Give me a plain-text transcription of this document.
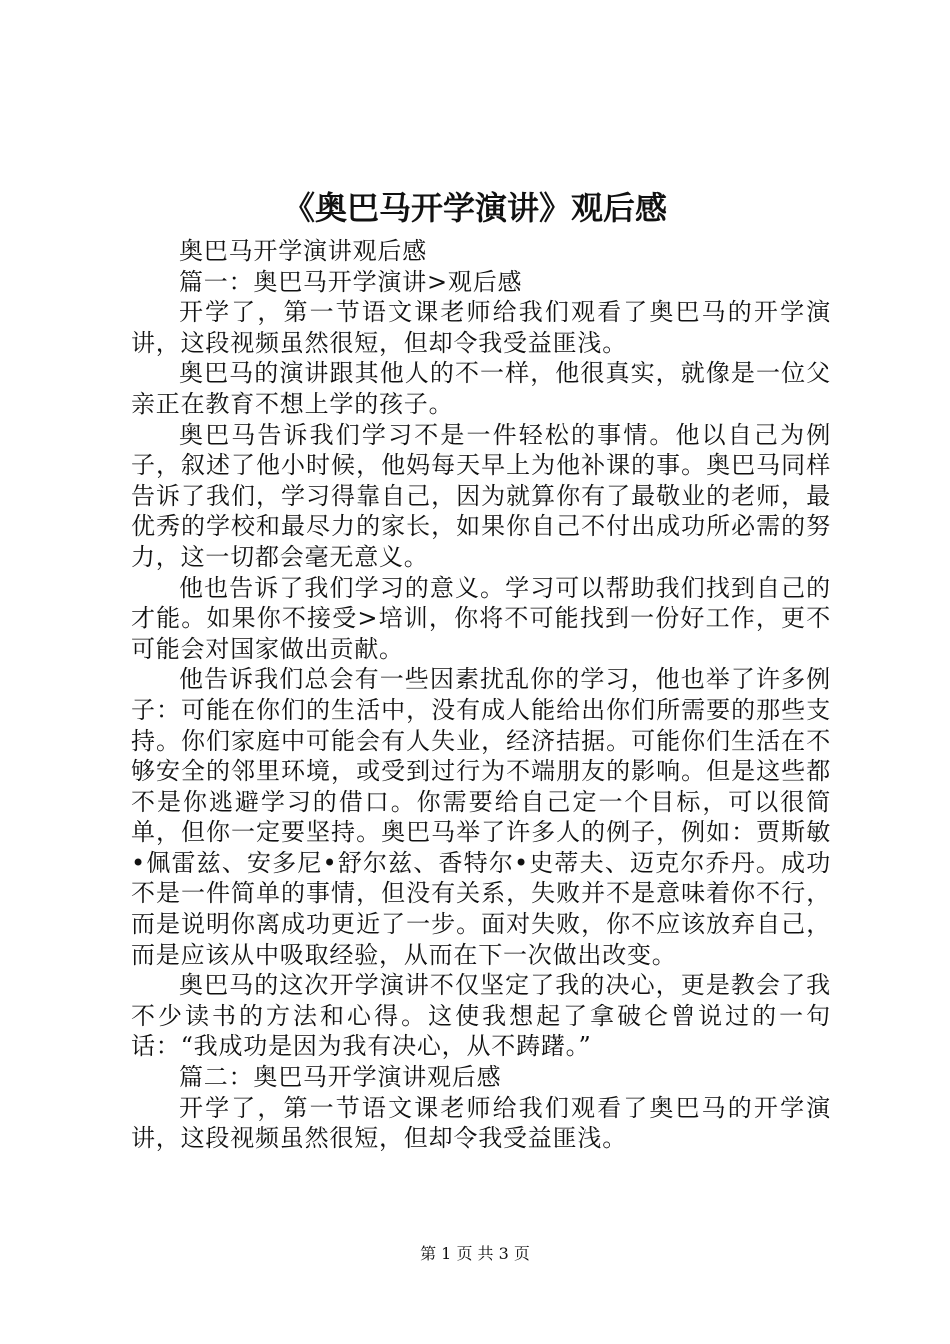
《奥巴马开学演讲》观后感

奥巴马开学演讲观后感

篇一：奥巴马开学演讲>观后感

开学了，第一节语文课老师给我们观看了奥巴马的开学演讲，这段视频虽然很短，但却令我受益匪浅。

奥巴马的演讲跟其他人的不一样，他很真实，就像是一位父亲正在教育不想上学的孩子。

奥巴马告诉我们学习不是一件轻松的事情。他以自己为例子，叙述了他小时候，他妈每天早上为他补课的事。奥巴马同样告诉了我们，学习得靠自己，因为就算你有了最敬业的老师，最优秀的学校和最尽力的家长，如果你自己不付出成功所必需的努力，这一切都会毫无意义。

他也告诉了我们学习的意义。学习可以帮助我们找到自己的才能。如果你不接受>培训，你将不可能找到一份好工作，更不可能会对国家做出贡献。

他告诉我们总会有一些因素扰乱你的学习，他也举了许多例子：可能在你们的生活中，没有成人能给出你们所需要的那些支持。你们家庭中可能会有人失业，经济拮据。可能你们生活在不够安全的邻里环境，或受到过行为不端朋友的影响。但是这些都不是你逃避学习的借口。你需要给自己定一个目标，可以很简单，但你一定要坚持。奥巴马举了许多人的例子，例如：贾斯敏•佩雷兹、安多尼•舒尔兹、香特尔•史蒂夫、迈克尔乔丹。成功不是一件简单的事情，但没有关系，失败并不是意味着你不行，而是说明你离成功更近了一步。面对失败，你不应该放弃自己，而是应该从中吸取经验，从而在下一次做出改变。

奥巴马的这次开学演讲不仅坚定了我的决心，更是教会了我不少读书的方法和心得。这使我想起了拿破仑曾说过的一句话：“我成功是因为我有决心，从不踌躇。”

篇二：奥巴马开学演讲观后感

开学了，第一节语文课老师给我们观看了奥巴马的开学演讲，这段视频虽然很短，但却令我受益匪浅。

第 1 页 共 3 页
